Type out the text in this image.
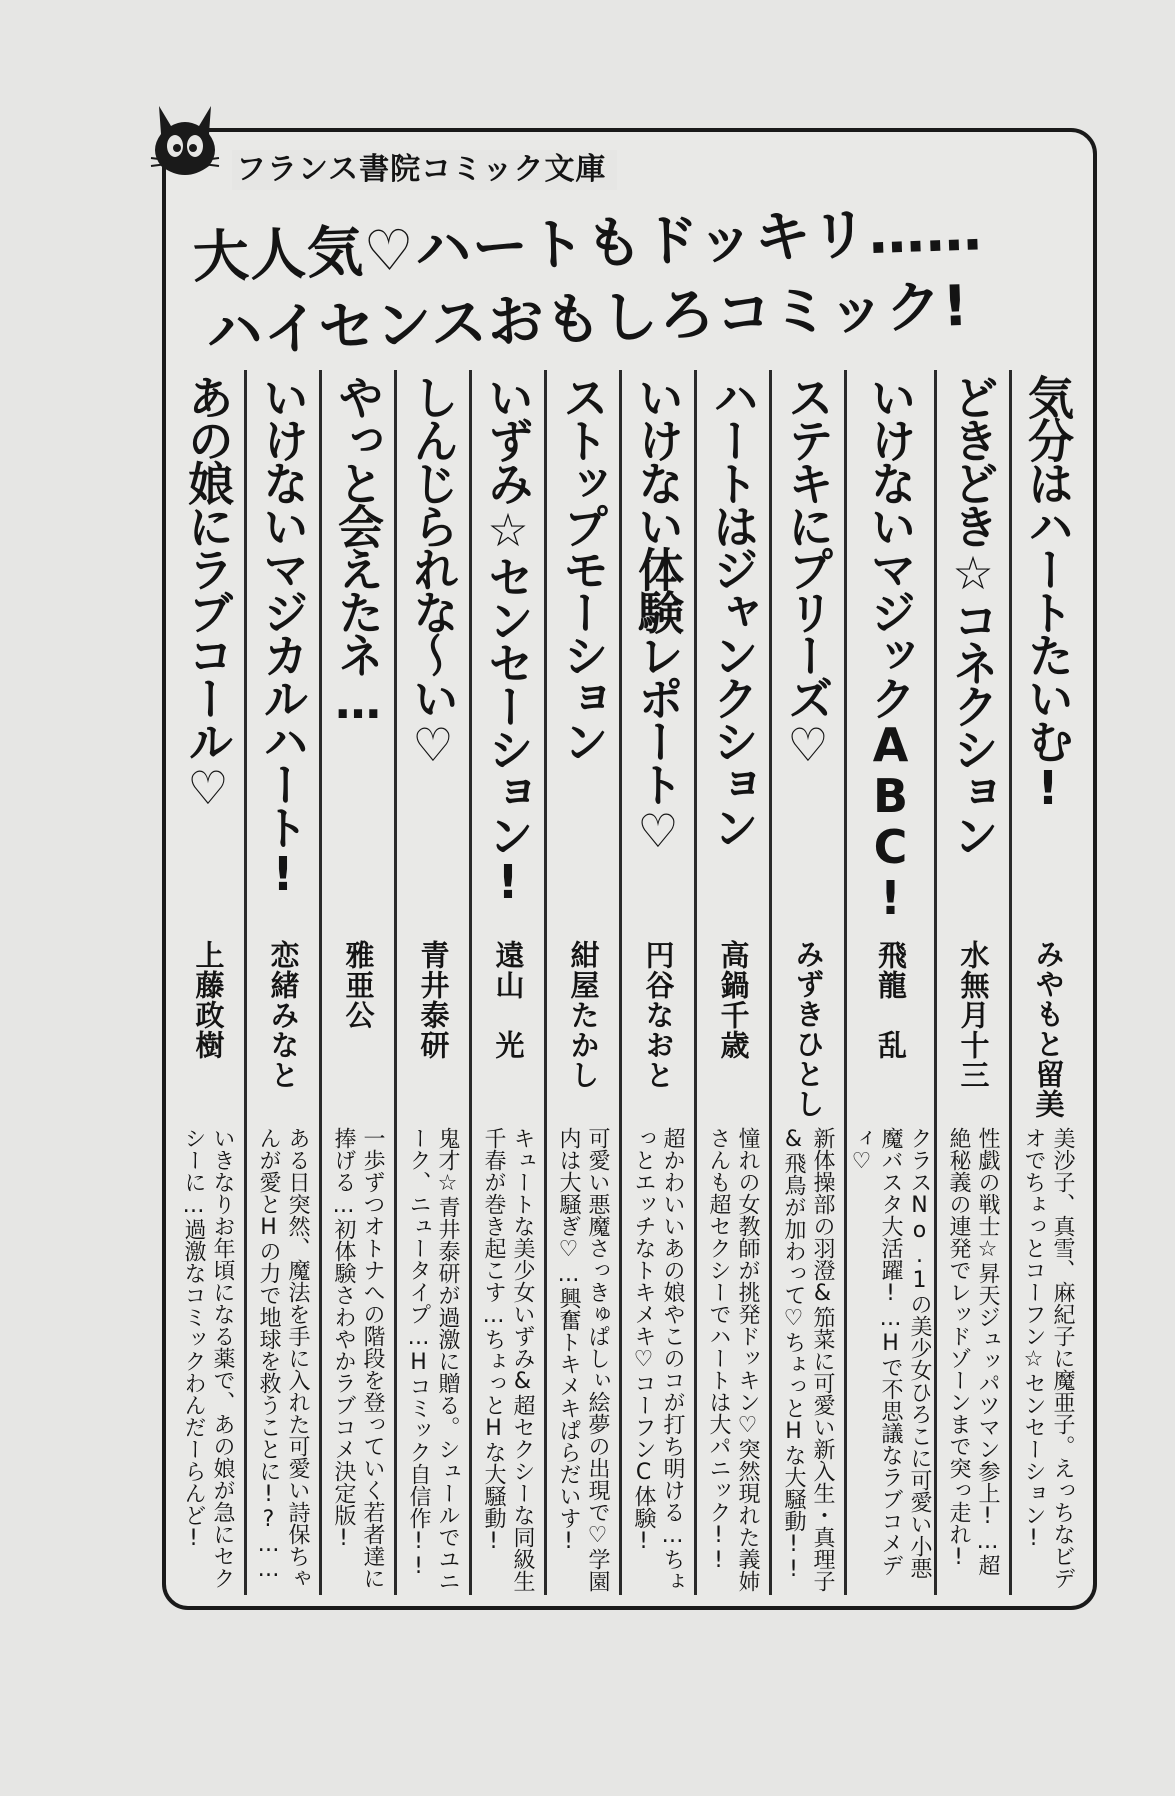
フランス書院コミック文庫
大人気♡ハートもドッキリ……
ハイセンスおもしろコミック!
気分はハートたいむ!
みやもと留美
美沙子、真雪、麻紀子に魔亜子。えっちなビデオでちょっとコーフン☆センセーション!
どきどき☆コネクション
水無月十三
性戯の戦士☆昇天ジュッパツマン参上!…超絶秘義の連発でレッドゾーンまで突っ走れ!
いけないマジックABC!
飛龍　乱
クラスNo.1の美少女ひろこに可愛い小悪魔バスタ大活躍!…Hで不思議なラブコメディ♡
ステキにプリーズ♡
みずきひとし
新体操部の羽澄&笳菜に可愛い新入生・真理子&飛鳥が加わって♡ちょっとHな大騒動!!
ハートはジャンクション
高鍋千歳
憧れの女教師が挑発ドッキン♡突然現れた義姉さんも超セクシーでハートは大パニック!!
いけない体験レポート♡
円谷なおと
超かわいいあの娘やこのコが打ち明ける…ちょっとエッチなトキメキ♡コーフンC体験!
ストップモーション
紺屋たかし
可愛い悪魔さっきゅぱしぃ絵夢の出現で♡学園内は大騒ぎ♡…興奮トキメキぱらだいす!
いずみ☆センセーション!
遠山　光
キュートな美少女いずみ&超セクシーな同級生千春が巻き起こす…ちょっとHな大騒動!
しんじられな〜い♡
青井泰研
鬼才☆青井泰研が過激に贈る。シュールでユニーク、ニュータイプ…Hコミック自信作!!
やっと会えたネ…
雅亜公
一歩ずつオトナへの階段を登っていく若者達に捧げる…初体験さわやかラブコメ決定版!
いけないマジカルハート!
恋緒みなと
ある日突然、魔法を手に入れた可愛い詩保ちゃんが愛とHの力で地球を救うことに!?……
あの娘にラブコール♡
上藤政樹
いきなりお年頃になる薬で、あの娘が急にセクシーに…過激なコミックわんだーらんど!
